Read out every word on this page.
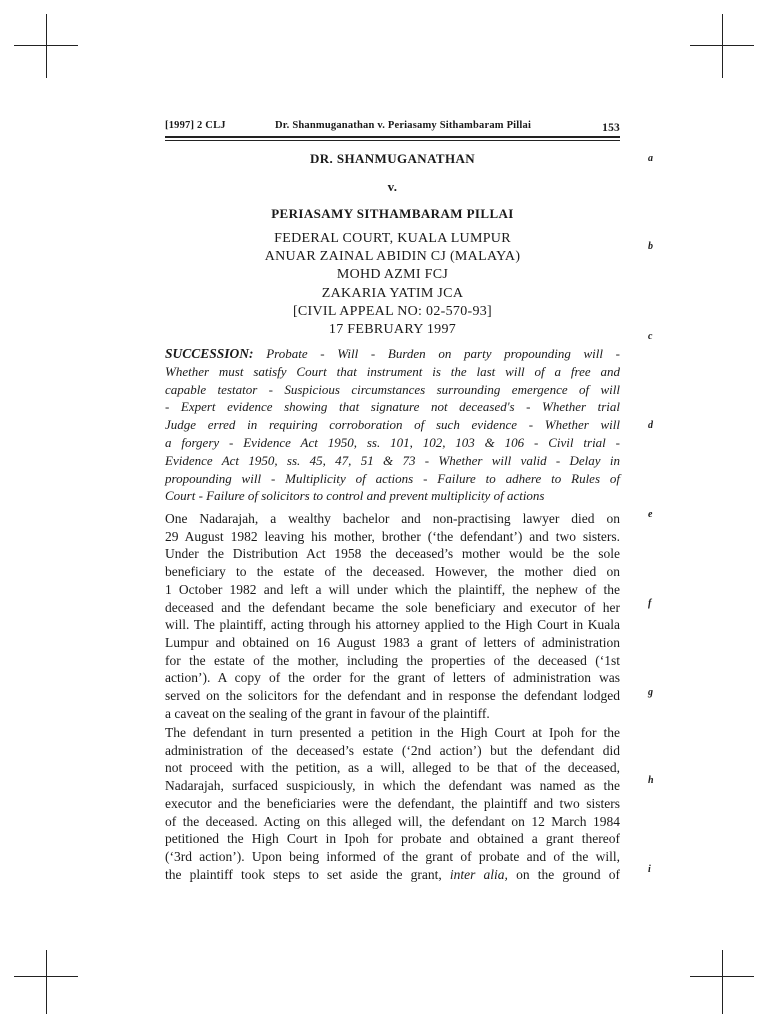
[1997] 2 CLJ	Dr. Shanmuganathan v. Periasamy Sithambaram Pillai	153
DR. SHANMUGANATHAN
v.
PERIASAMY SITHAMBARAM PILLAI
FEDERAL COURT, KUALA LUMPUR
ANUAR ZAINAL ABIDIN CJ (MALAYA)
MOHD AZMI FCJ
ZAKARIA YATIM JCA
[CIVIL APPEAL NO: 02-570-93]
17 FEBRUARY 1997
SUCCESSION: Probate - Will - Burden on party propounding will -
Whether must satisfy Court that instrument is the last will of a free and
capable testator - Suspicious circumstances surrounding emergence of will
- Expert evidence showing that signature not deceased's - Whether trial
Judge erred in requiring corroboration of such evidence - Whether will
a forgery - Evidence Act 1950, ss. 101, 102, 103 & 106 - Civil trial -
Evidence Act 1950, ss. 45, 47, 51 & 73 - Whether will valid - Delay in
propounding will - Multiplicity of actions - Failure to adhere to Rules of
Court - Failure of solicitors to control and prevent multiplicity of actions
One Nadarajah, a wealthy bachelor and non-practising lawyer died on
29 August 1982 leaving his mother, brother (‘the defendant’) and two sisters.
Under the Distribution Act 1958 the deceased’s mother would be the sole
beneficiary to the estate of the deceased. However, the mother died on
1 October 1982 and left a will under which the plaintiff, the nephew of the
deceased and the defendant became the sole beneficiary and executor of her
will. The plaintiff, acting through his attorney applied to the High Court in Kuala
Lumpur and obtained on 16 August 1983 a grant of letters of administration
for the estate of the mother, including the properties of the deceased (‘1st
action’). A copy of the order for the grant of letters of administration was
served on the solicitors for the defendant and in response the defendant lodged
a caveat on the sealing of the grant in favour of the plaintiff.
The defendant in turn presented a petition in the High Court at Ipoh for the
administration of the deceased’s estate (‘2nd action’) but the defendant did
not proceed with the petition, as a will, alleged to be that of the deceased,
Nadarajah, surfaced suspiciously, in which the defendant was named as the
executor and the beneficiaries were the defendant, the plaintiff and two sisters
of the deceased. Acting on this alleged will, the defendant on 12 March 1984
petitioned the High Court in Ipoh for probate and obtained a grant thereof
(‘3rd action’). Upon being informed of the grant of probate and of the will,
the plaintiff took steps to set aside the grant, inter alia, on the ground of
a
b
c
d
e
f
g
h
i
